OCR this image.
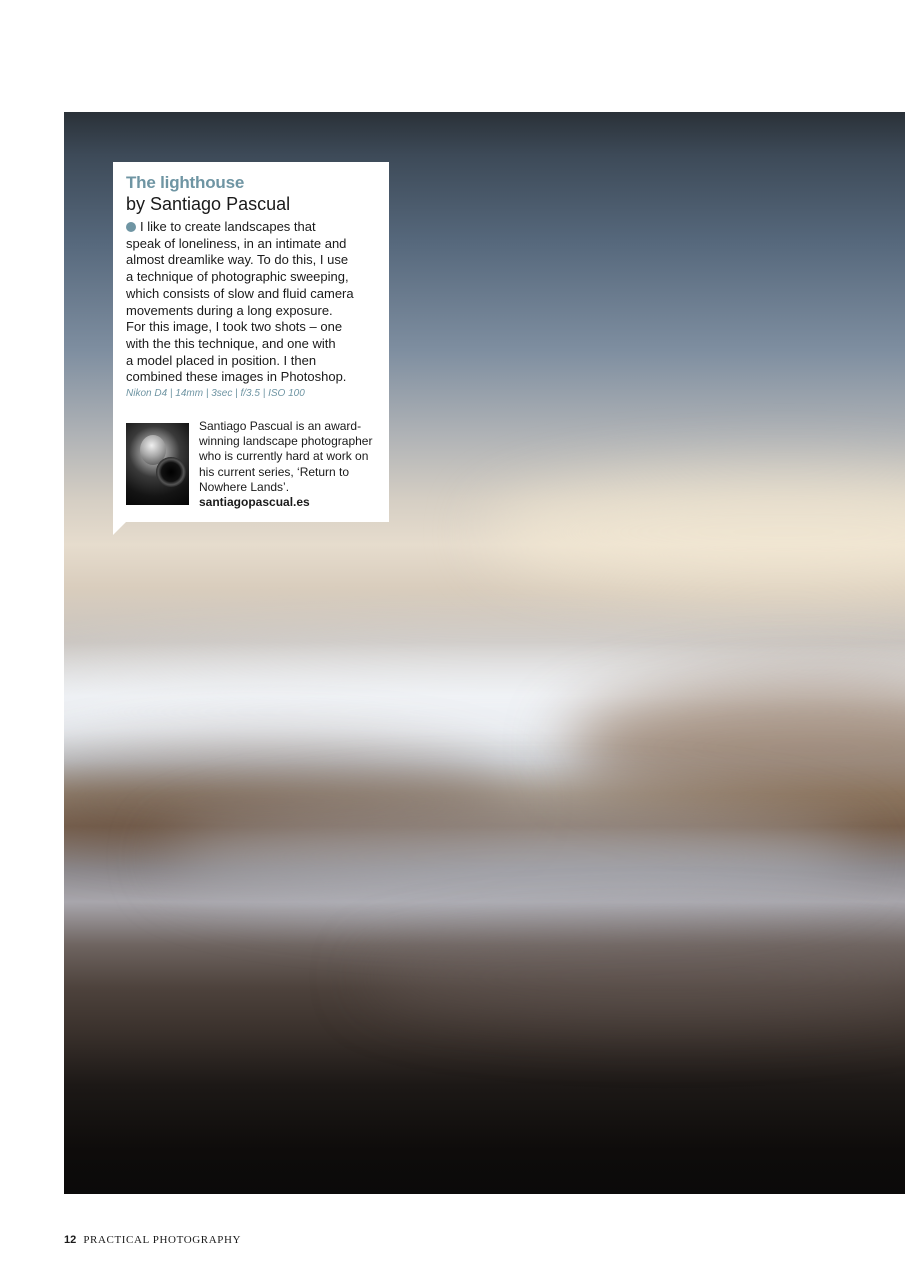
The lighthouse
by Santiago Pascual
I like to create landscapes that
speak of loneliness, in an intimate and
almost dreamlike way. To do this, I use
a technique of photographic sweeping,
which consists of slow and fluid camera
movements during a long exposure.
For this image, I took two shots – one
with the this technique, and one with
a model placed in position. I then
combined these images in Photoshop.
Nikon D4 | 14mm | 3sec | f/3.5 | ISO 100
Santiago Pascual is an award-
winning landscape photographer
who is currently hard at work on
his current series, ‘Return to
Nowhere Lands’.
santiagopascual.es
12 PRACTICAL PHOTOGRAPHY
